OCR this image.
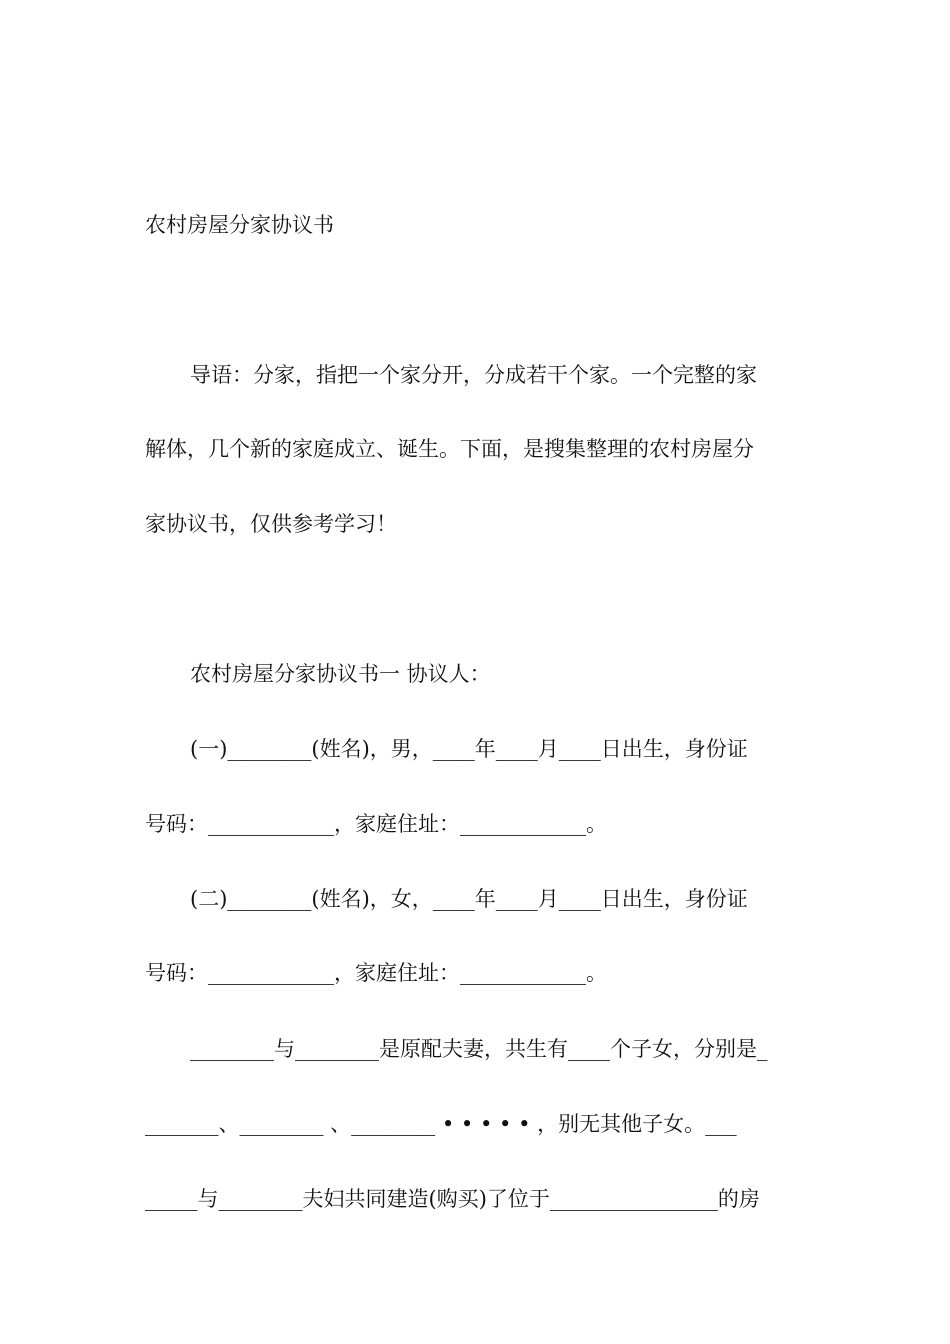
农村房屋分家协议书
导语：分家，指把一个家分开，分成若干个家。一个完整的家
解体，几个新的家庭成立、诞生。下面，是搜集整理的农村房屋分
家协议书，仅供参考学习！
农村房屋分家协议书一 协议人：
(一)________(姓名)，男，____年____月____日出生，身份证
号码：____________，家庭住址：____________。
(二)________(姓名)，女，____年____月____日出生，身份证
号码：____________，家庭住址：____________。
________与________是原配夫妻，共生有____个子女，分别是_
_______、________ 、________ • • • • • ，别无其他子女。___
_____与________夫妇共同建造(购买)了位于________________的房
